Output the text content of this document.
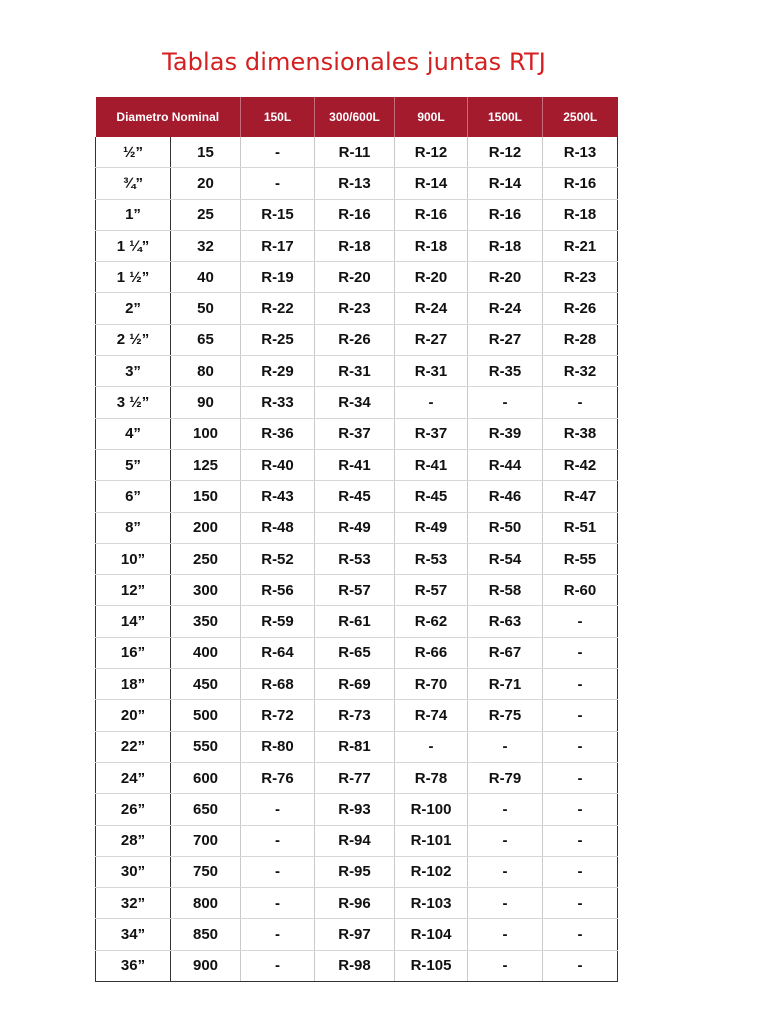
Tablas dimensionales juntas RTJ
Diametro Nominal		150L	300/600L	900L	1500L	2500L
½”	15	-	R-11	R-12	R-12	R-13
¾”	20	-	R-13	R-14	R-14	R-16
1”	25	R-15	R-16	R-16	R-16	R-18
1 ¼”	32	R-17	R-18	R-18	R-18	R-21
1 ½”	40	R-19	R-20	R-20	R-20	R-23
2”	50	R-22	R-23	R-24	R-24	R-26
2 ½”	65	R-25	R-26	R-27	R-27	R-28
3”	80	R-29	R-31	R-31	R-35	R-32
3 ½”	90	R-33	R-34	-	-	-
4”	100	R-36	R-37	R-37	R-39	R-38
5”	125	R-40	R-41	R-41	R-44	R-42
6”	150	R-43	R-45	R-45	R-46	R-47
8”	200	R-48	R-49	R-49	R-50	R-51
10”	250	R-52	R-53	R-53	R-54	R-55
12”	300	R-56	R-57	R-57	R-58	R-60
14”	350	R-59	R-61	R-62	R-63	-
16”	400	R-64	R-65	R-66	R-67	-
18”	450	R-68	R-69	R-70	R-71	-
20”	500	R-72	R-73	R-74	R-75	-
22”	550	R-80	R-81	-	-	-
24”	600	R-76	R-77	R-78	R-79	-
26”	650	-	R-93	R-100	-	-
28”	700	-	R-94	R-101	-	-
30”	750	-	R-95	R-102	-	-
32”	800	-	R-96	R-103	-	-
34”	850	-	R-97	R-104	-	-
36”	900	-	R-98	R-105	-	-
